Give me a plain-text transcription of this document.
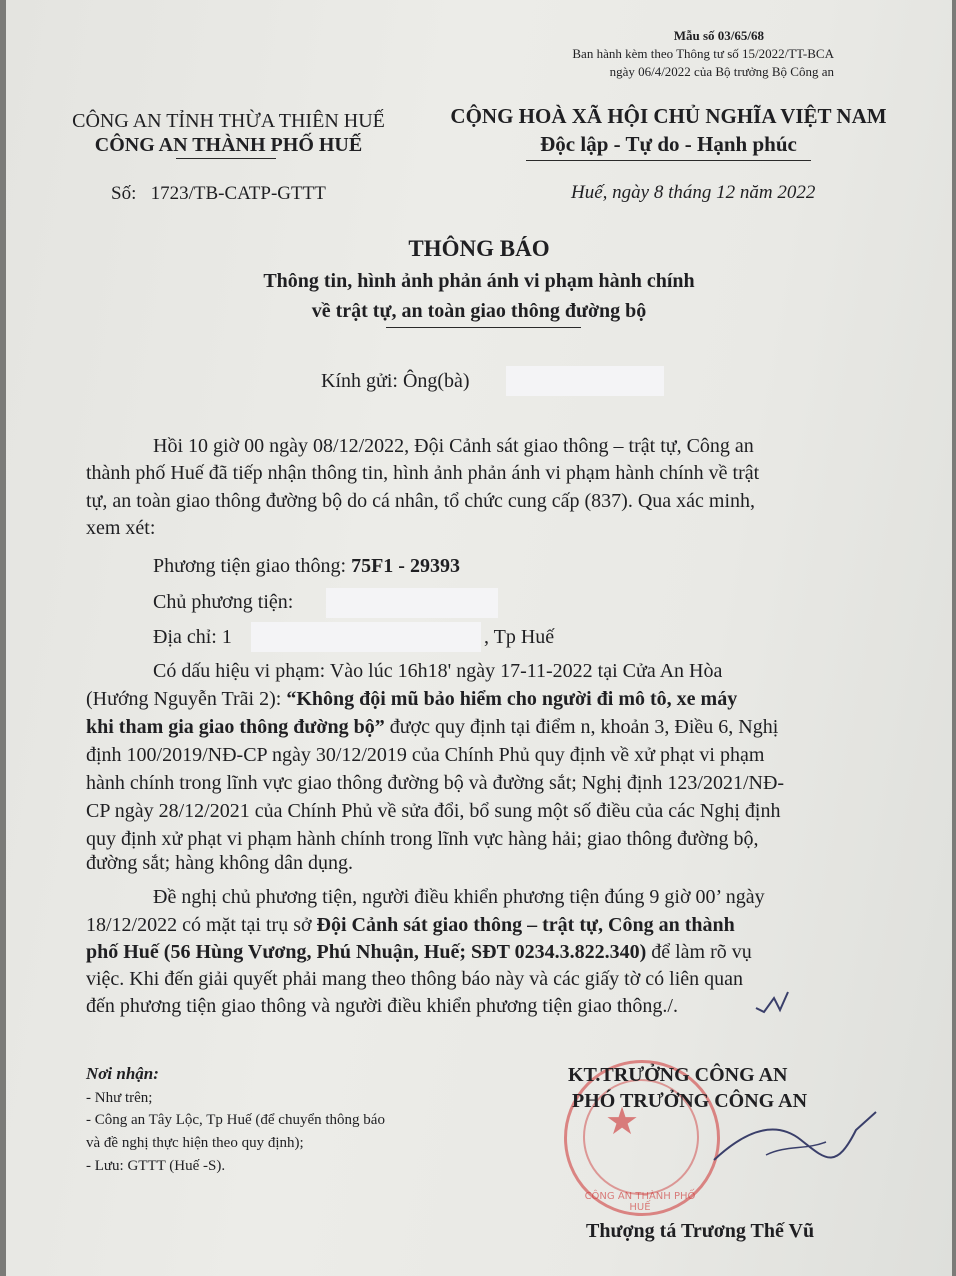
Mẫu số 03/65/68
Ban hành kèm theo Thông tư số 15/2022/TT-BCA
ngày 06/4/2022 của Bộ trưởng Bộ Công an
CÔNG AN TỈNH THỪA THIÊN HUẾ
CÔNG AN THÀNH PHỐ HUẾ
Số: 1723/TB-CATP-GTTT
CỘNG HOÀ XÃ HỘI CHỦ NGHĨA VIỆT NAM
Độc lập - Tự do - Hạnh phúc
Huế, ngày 8 tháng 12 năm 2022
THÔNG BÁO
Thông tin, hình ảnh phản ánh vi phạm hành chính
về trật tự, an toàn giao thông đường bộ
Kính gửi: Ông(bà)
Hồi 10 giờ 00 ngày 08/12/2022, Đội Cảnh sát giao thông – trật tự, Công an
thành phố Huế đã tiếp nhận thông tin, hình ảnh phản ánh vi phạm hành chính về trật
tự, an toàn giao thông đường bộ do cá nhân, tổ chức cung cấp (837). Qua xác minh,
xem xét:
Phương tiện giao thông: 75F1 - 29393
Chủ phương tiện:
Địa chỉ: 1	, Tp Huế
Có dấu hiệu vi phạm: Vào lúc 16h18' ngày 17-11-2022 tại Cửa An Hòa
(Hướng Nguyễn Trãi 2): “Không đội mũ bảo hiểm cho người đi mô tô, xe máy
khi tham gia giao thông đường bộ” được quy định tại điểm n, khoản 3, Điều 6, Nghị
định 100/2019/NĐ-CP ngày 30/12/2019 của Chính Phủ quy định về xử phạt vi phạm
hành chính trong lĩnh vực giao thông đường bộ và đường sắt; Nghị định 123/2021/NĐ-
CP ngày 28/12/2021 của Chính Phủ về sửa đổi, bổ sung một số điều của các Nghị định
quy định xử phạt vi phạm hành chính trong lĩnh vực hàng hải; giao thông đường bộ,
đường sắt; hàng không dân dụng.
Đề nghị chủ phương tiện, người điều khiển phương tiện đúng 9 giờ 00’ ngày
18/12/2022 có mặt tại trụ sở Đội Cảnh sát giao thông – trật tự, Công an thành
phố Huế (56 Hùng Vương, Phú Nhuận, Huế; SĐT 0234.3.822.340) để làm rõ vụ
việc. Khi đến giải quyết phải mang theo thông báo này và các giấy tờ có liên quan
đến phương tiện giao thông và người điều khiển phương tiện giao thông./.
Nơi nhận:
- Như trên;
- Công an Tây Lộc, Tp Huế (để chuyển thông báo
và đề nghị thực hiện theo quy định);
- Lưu: GTTT (Huế -S).
★
CÔNG AN THÀNH PHỐ HUẾ
KT.TRƯỞNG CÔNG AN
PHÓ TRƯỞNG CÔNG AN
Thượng tá Trương Thế Vũ
